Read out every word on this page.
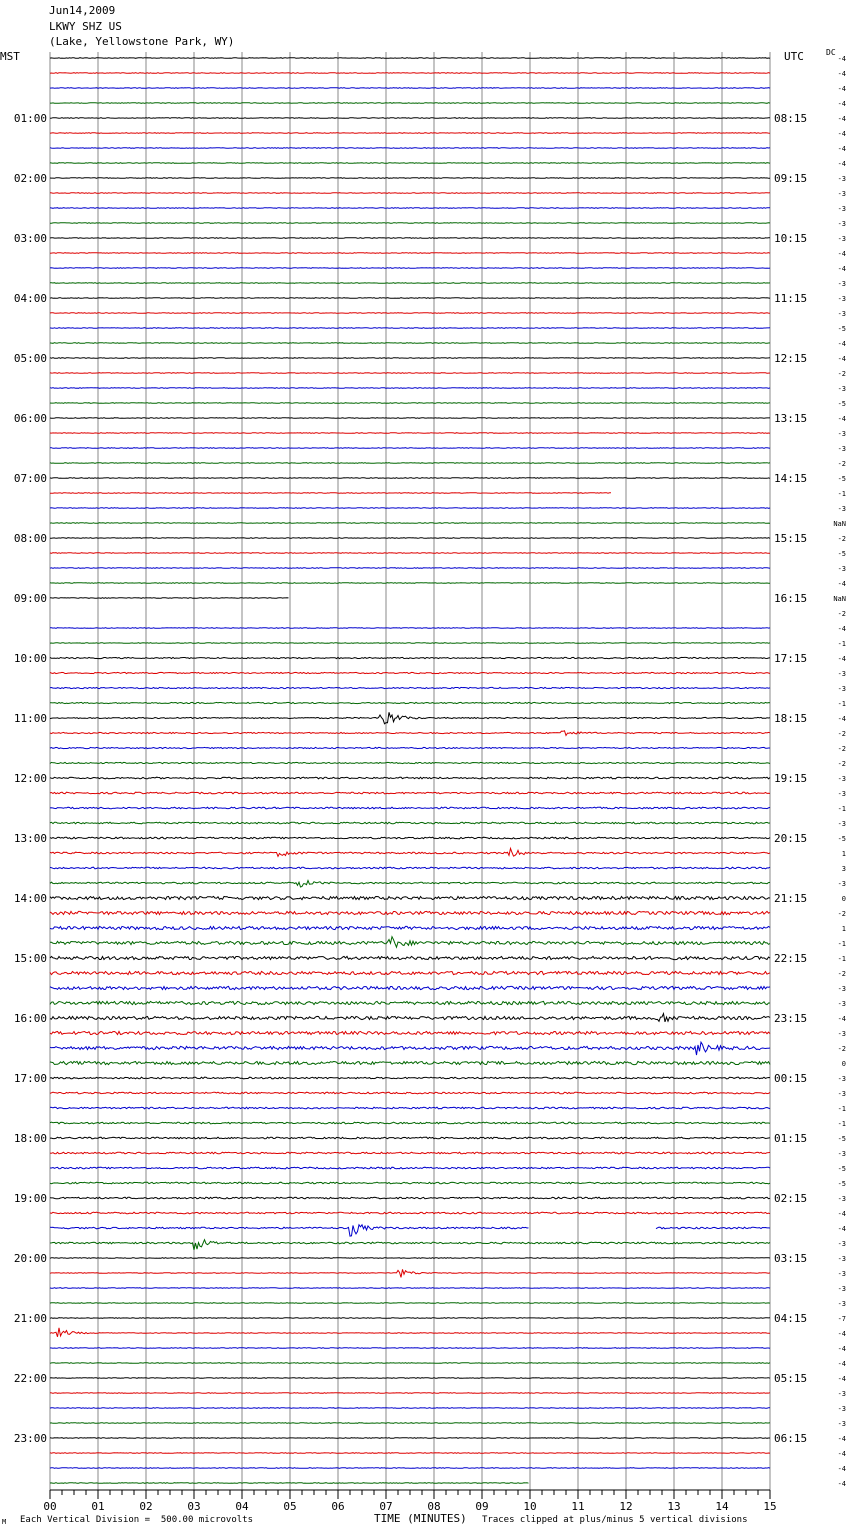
Jun14,2009
LKWY SHZ US
(Lake, Yellowstone Park, WY)
MST	UTC	DC
01:00
02:00
03:00
04:00
05:00
06:00
07:00
08:00
09:00
10:00
11:00
12:00
13:00
14:00
15:00
16:00
17:00
18:00
19:00
20:00
21:00
22:00
23:00
08:15
09:15
10:15
11:15
12:15
13:15
14:15
15:15
16:15
17:15
18:15
19:15
20:15
21:15
22:15
23:15
00:15
01:15
02:15
03:15
04:15
05:15
06:15
-4
-4
-4
-4
-4
-4
-4
-4
-3
-3
-3
-3
-3
-4
-4
-3
-3
-3
-5
-4
-4
-2
-3
-5
-4
-3
-3
-2
-5
-1
-3
NaN
-2
-5
-3
-4
NaN
-2
-4
-1
-4
-3
-3
-1
-4
-2
-2
-2
-3
-3
-1
-3
-5
1
3
-3
0
-2
1
-1
-1
-2
-3
-3
-4
-3
-2
0
-3
-3
-1
-1
-5
-3
-5
-5
-3
-4
-4
-3
-3
-3
-3
-3
-7
-4
-4
-4
-4
-3
-3
-3
-4
-4
-4
-4
00	01	02	03	04	05	06	07	08	09	10	11	12	13	14	15
M Each Vertical Division =  500.00 microvolts	TIME (MINUTES) Traces clipped at plus/minus 5 vertical divisions
